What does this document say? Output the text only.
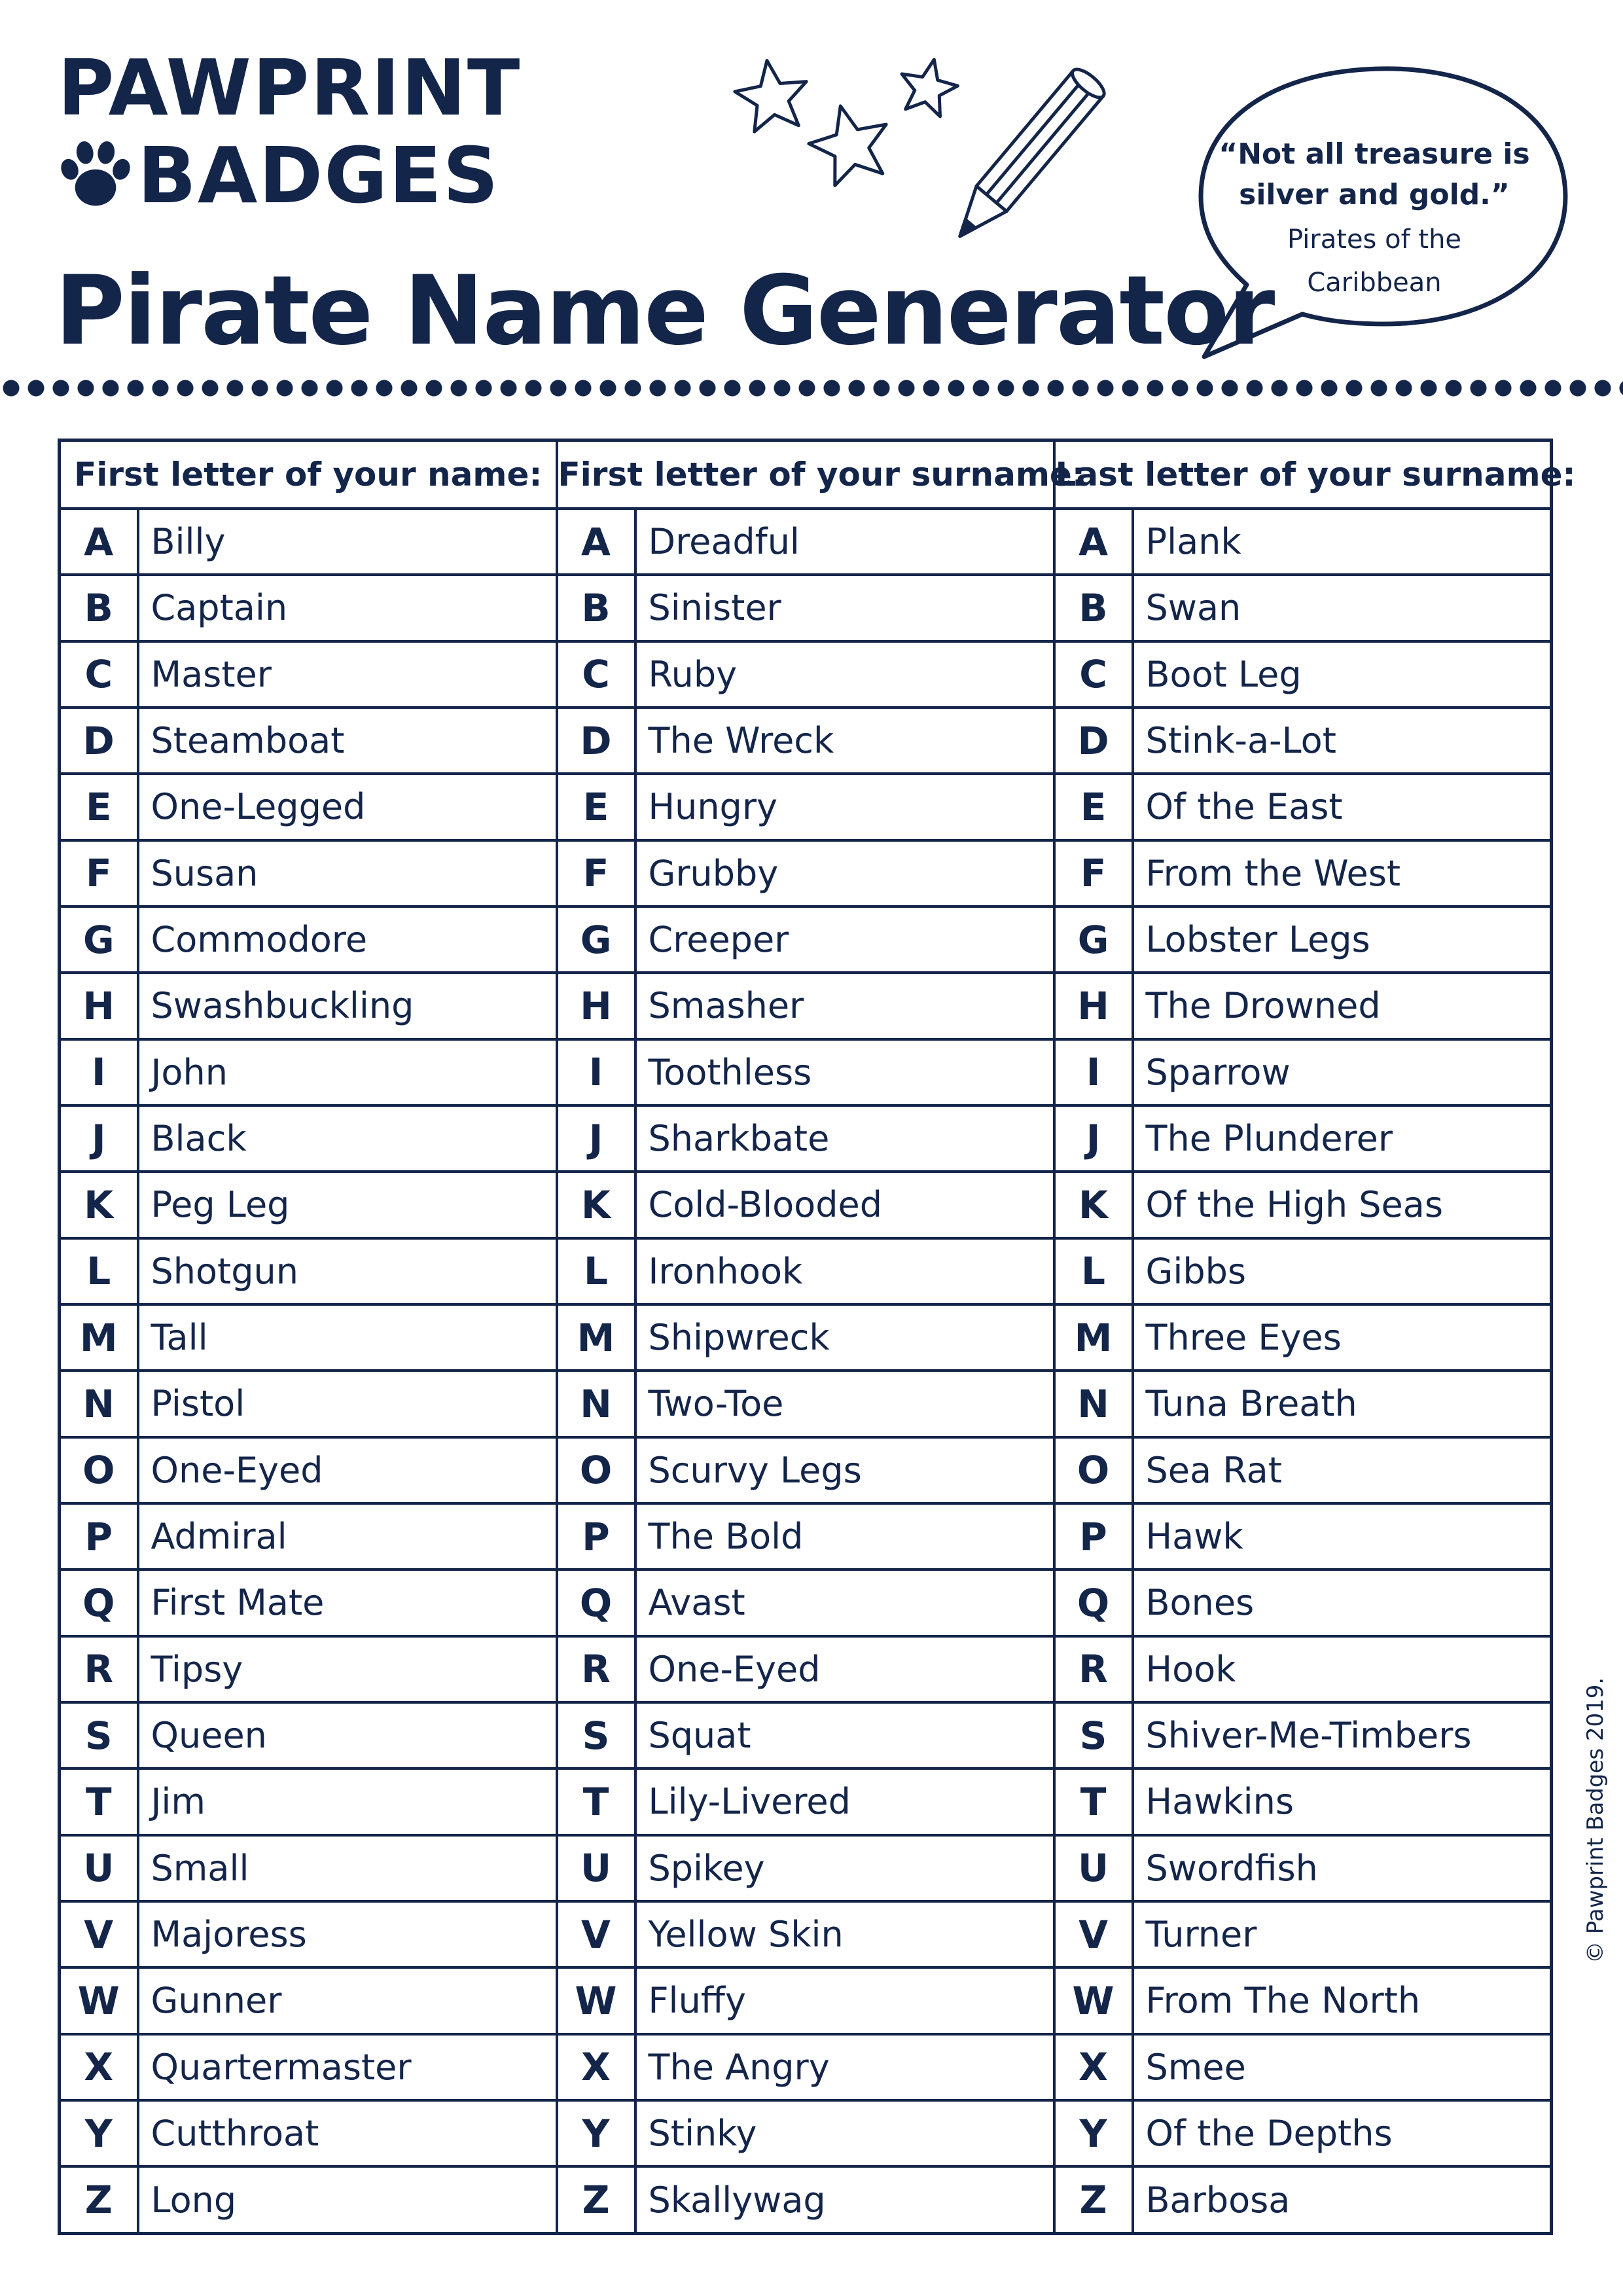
PAWPRINT
BADGES	“Not all treasure is silver and gold.”
Pirates of the Caribbean
Pirate Name Generator
First letter of your name:		First letter of your surname:		Last letter of your surname:	
A	Billy	A	Dreadful	A	Plank
B	Captain	B	Sinister	B	Swan
C	Master	C	Ruby	C	Boot Leg
D	Steamboat	D	The Wreck	D	Stink-a-Lot
E	One-Legged	E	Hungry	E	Of the East
F	Susan	F	Grubby	F	From the West
G	Commodore	G	Creeper	G	Lobster Legs
H	Swashbuckling	H	Smasher	H	The Drowned
I	John	I	Toothless	I	Sparrow
J	Black	J	Sharkbate	J	The Plunderer
K	Peg Leg	K	Cold-Blooded	K	Of the High Seas
L	Shotgun	L	Ironhook	L	Gibbs
M	Tall	M	Shipwreck	M	Three Eyes
N	Pistol	N	Two-Toe	N	Tuna Breath
O	One-Eyed	O	Scurvy Legs	O	Sea Rat
P	Admiral	P	The Bold	P	Hawk
Q	First Mate	Q	Avast	Q	Bones
R	Tipsy	R	One-Eyed	R	Hook
S	Queen	S	Squat	S	Shiver-Me-Timbers
T	Jim	T	Lily-Livered	T	Hawkins
U	Small	U	Spikey	U	Swordfish
V	Majoress	V	Yellow Skin	V	Turner
W	Gunner	W	Fluffy	W	From The North
X	Quartermaster	X	The Angry	X	Smee
Y	Cutthroat	Y	Stinky	Y	Of the Depths
Z	Long	Z	Skallywag	Z	Barbosa
© Pawprint Badges 2019.
